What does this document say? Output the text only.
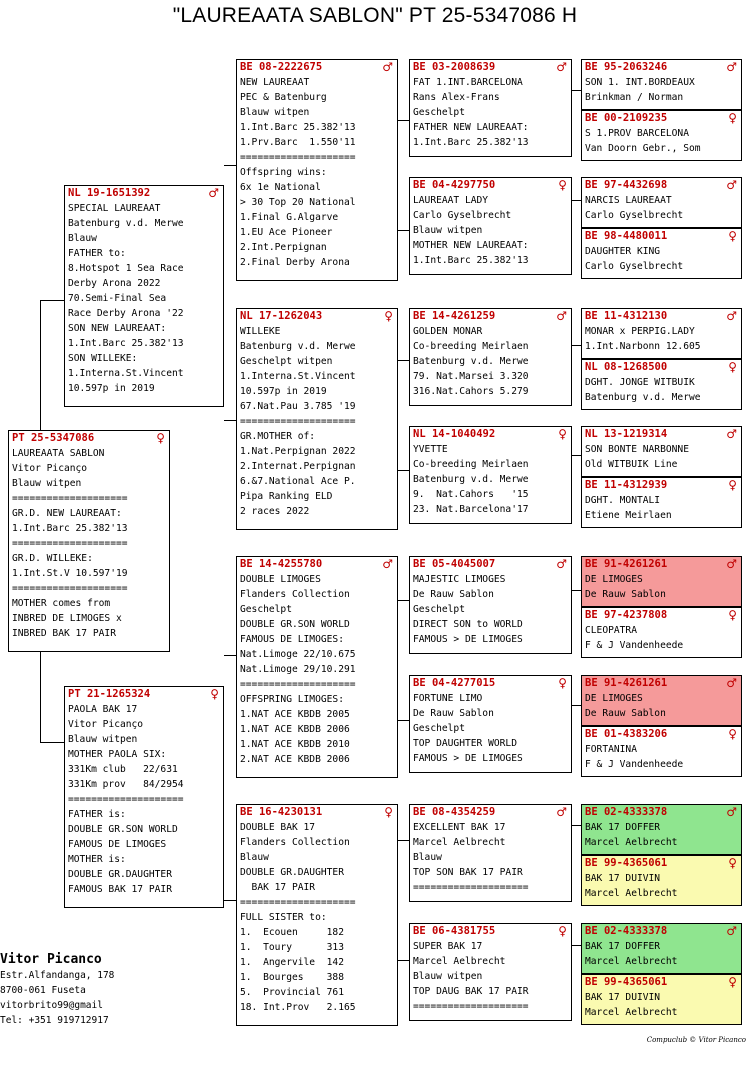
"LAUREAATA SABLON" PT 25-5347086 H
PT 25-5347086	♀
LAUREAATA SABLON
Vitor Picanço
Blauw witpen
====================
GR.D. NEW LAUREAAT:
1.Int.Barc 25.382'13
====================
GR.D. WILLEKE:
1.Int.St.V 10.597'19
====================
MOTHER comes from
INBRED DE LIMOGES x
INBRED BAK 17 PAIR
NL 19-1651392	♂
SPECIAL LAUREAAT
Batenburg v.d. Merwe
Blauw
FATHER to:
8.Hotspot 1 Sea Race
Derby Arona 2022
70.Semi-Final Sea
Race Derby Arona '22
SON NEW LAUREAAT:
1.Int.Barc 25.382'13
SON WILLEKE:
1.Interna.St.Vincent
10.597p in 2019
PT 21-1265324	♀
PAOLA BAK 17
Vitor Picanço
Blauw witpen
MOTHER PAOLA SIX:
331Km club   22/631
331Km prov   84/2954
====================
FATHER is:
DOUBLE GR.SON WORLD
FAMOUS DE LIMOGES
MOTHER is:
DOUBLE GR.DAUGHTER
FAMOUS BAK 17 PAIR
BE 08-2222675	♂
NEW LAUREAAT
PEC & Batenburg
Blauw witpen
1.Int.Barc 25.382'13
1.Prv.Barc  1.550'11
====================
Offspring wins:
6x 1e National
> 30 Top 20 National
1.Final G.Algarve
1.EU Ace Pioneer
2.Int.Perpignan
2.Final Derby Arona
NL 17-1262043	♀
WILLEKE
Batenburg v.d. Merwe
Geschelpt witpen
1.Interna.St.Vincent
10.597p in 2019
67.Nat.Pau 3.785 '19
====================
GR.MOTHER of:
1.Nat.Perpignan 2022
2.Internat.Perpignan
6.&7.National Ace P.
Pipa Ranking ELD
2 races 2022
BE 14-4255780	♂
DOUBLE LIMOGES
Flanders Collection
Geschelpt
DOUBLE GR.SON WORLD
FAMOUS DE LIMOGES:
Nat.Limoge 22/10.675
Nat.Limoge 29/10.291
====================
OFFSPRING LIMOGES:
1.NAT ACE KBDB 2005
1.NAT ACE KBDB 2006
1.NAT ACE KBDB 2010
2.NAT ACE KBDB 2006
BE 16-4230131	♀
DOUBLE BAK 17
Flanders Collection
Blauw
DOUBLE GR.DAUGHTER
BAK 17 PAIR
====================
FULL SISTER to:
1.  Ecouen     182
1.  Toury      313
1.  Angervile  142
1.  Bourges    388
5.  Provincial 761
18. Int.Prov   2.165
BE 03-2008639	♂
FAT 1.INT.BARCELONA
Rans Alex-Frans
Geschelpt
FATHER NEW LAUREAAT:
1.Int.Barc 25.382'13
BE 04-4297750	♀
LAUREAAT LADY
Carlo Gyselbrecht
Blauw witpen
MOTHER NEW LAUREAAT:
1.Int.Barc 25.382'13
BE 14-4261259	♂
GOLDEN MONAR
Co-breeding Meirlaen
Batenburg v.d. Merwe
79. Nat.Marsei 3.320
316.Nat.Cahors 5.279
NL 14-1040492	♀
YVETTE
Co-breeding Meirlaen
Batenburg v.d. Merwe
9.  Nat.Cahors   '15
23. Nat.Barcelona'17
BE 05-4045007	♂
MAJESTIC LIMOGES
De Rauw Sablon
Geschelpt
DIRECT SON to WORLD
FAMOUS > DE LIMOGES
BE 04-4277015	♀
FORTUNE LIMO
De Rauw Sablon
Geschelpt
TOP DAUGHTER WORLD
FAMOUS > DE LIMOGES
BE 08-4354259	♂
EXCELLENT BAK 17
Marcel Aelbrecht
Blauw
TOP SON BAK 17 PAIR
====================
BE 06-4381755	♀
SUPER BAK 17
Marcel Aelbrecht
Blauw witpen
TOP DAUG BAK 17 PAIR
====================
BE 95-2063246	♂
SON 1. INT.BORDEAUX
Brinkman / Norman
BE 00-2109235	♀
S 1.PROV BARCELONA
Van Doorn Gebr., Som
BE 97-4432698	♂
NARCIS LAUREAAT
Carlo Gyselbrecht
BE 98-4480011	♀
DAUGHTER KING
Carlo Gyselbrecht
BE 11-4312130	♂
MONAR x PERPIG.LADY
1.Int.Narbonn 12.605
NL 08-1268500	♀
DGHT. JONGE WITBUIK
Batenburg v.d. Merwe
NL 13-1219314	♂
SON BONTE NARBONNE
Old WITBUIK Line
BE 11-4312939	♀
DGHT. MONTALI
Etiene Meirlaen
BE 91-4261261	♂
DE LIMOGES
De Rauw Sablon
BE 97-4237808	♀
CLEOPATRA
F & J Vandenheede
BE 91-4261261	♂
DE LIMOGES
De Rauw Sablon
BE 01-4383206	♀
FORTANINA
F & J Vandenheede
BE 02-4333378	♂
BAK 17 DOFFER
Marcel Aelbrecht
BE 99-4365061	♀
BAK 17 DUIVIN
Marcel Aelbrecht
BE 02-4333378	♂
BAK 17 DOFFER
Marcel Aelbrecht
BE 99-4365061	♀
BAK 17 DUIVIN
Marcel Aelbrecht
Vitor Picanco
Estr.Alfandanga, 178
8700-061 Fuseta
vitorbrito99@gmail
Tel: +351 919712917
Compuclub © Vitor Picanco
